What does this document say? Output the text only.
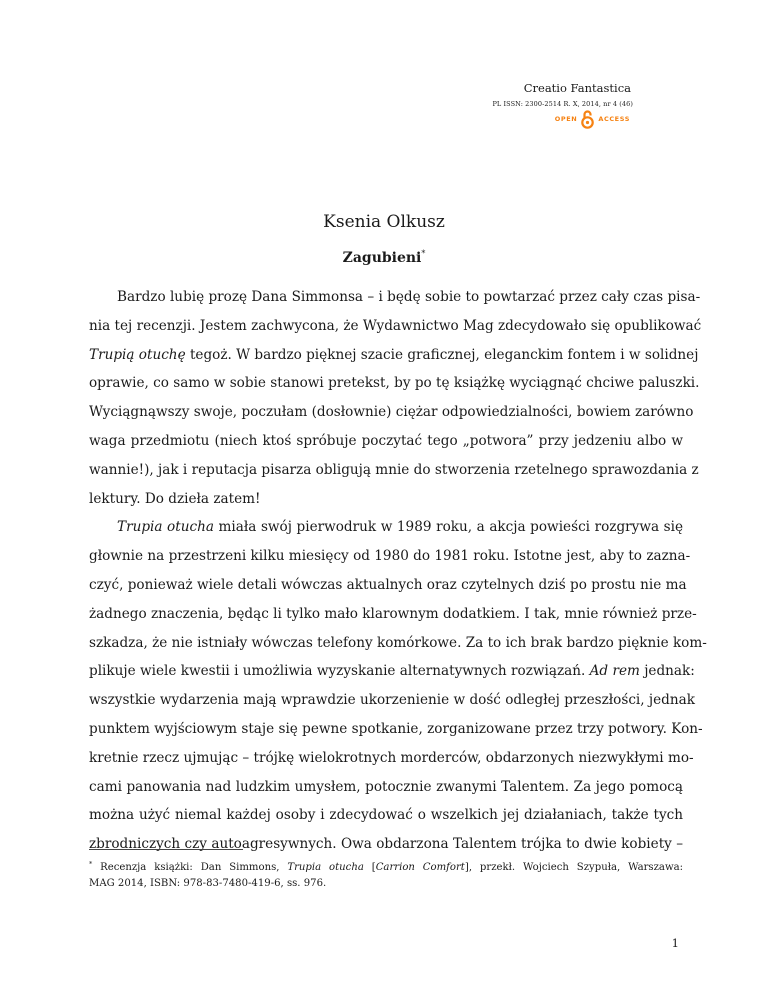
Creatio Fantastica
PL ISSN: 2300-2514 R. X, 2014, nr 4 (46)
OPEN	ACCESS
Ksenia Olkusz
Zagubieni*
Bardzo lubię prozę Dana Simmonsa – i będę sobie to powtarzać przez cały czas pisa-
nia tej recenzji. Jestem zachwycona, że Wydawnictwo Mag zdecydowało się opublikować
Trupią otuchę tegoż. W bardzo pięknej szacie graficznej, eleganckim fontem i w solidnej
oprawie, co samo w sobie stanowi pretekst, by po tę książkę wyciągnąć chciwe paluszki.
Wyciągnąwszy swoje, poczułam (dosłownie) ciężar odpowiedzialności, bowiem zarówno
waga przedmiotu (niech ktoś spróbuje poczytać tego „potwora” przy jedzeniu albo w
wannie!), jak i reputacja pisarza obligują mnie do stworzenia rzetelnego sprawozdania z
lektury. Do dzieła zatem!
Trupia otucha miała swój pierwodruk w 1989 roku, a akcja powieści rozgrywa się
głownie na przestrzeni kilku miesięcy od 1980 do 1981 roku. Istotne jest, aby to zazna-
czyć, ponieważ wiele detali wówczas aktualnych oraz czytelnych dziś po prostu nie ma
żadnego znaczenia, będąc li tylko mało klarownym dodatkiem. I tak, mnie również prze-
szkadza, że nie istniały wówczas telefony komórkowe. Za to ich brak bardzo pięknie kom-
plikuje wiele kwestii i umożliwia wyzyskanie alternatywnych rozwiązań. Ad rem jednak:
wszystkie wydarzenia mają wprawdzie ukorzenienie w dość odległej przeszłości, jednak
punktem wyjściowym staje się pewne spotkanie, zorganizowane przez trzy potwory. Kon-
kretnie rzecz ujmując – trójkę wielokrotnych morderców, obdarzonych niezwykłymi mo-
cami panowania nad ludzkim umysłem, potocznie zwanymi Talentem. Za jego pomocą
można użyć niemal każdej osoby i zdecydować o wszelkich jej działaniach, także tych
zbrodniczych czy autoagresywnych. Owa obdarzona Talentem trójka to dwie kobiety –
* Recenzja książki: Dan Simmons, Trupia otucha [Carrion Comfort], przekł. Wojciech Szypuła, Warszawa:
MAG 2014, ISBN: 978-83-7480-419-6, ss. 976.
1
